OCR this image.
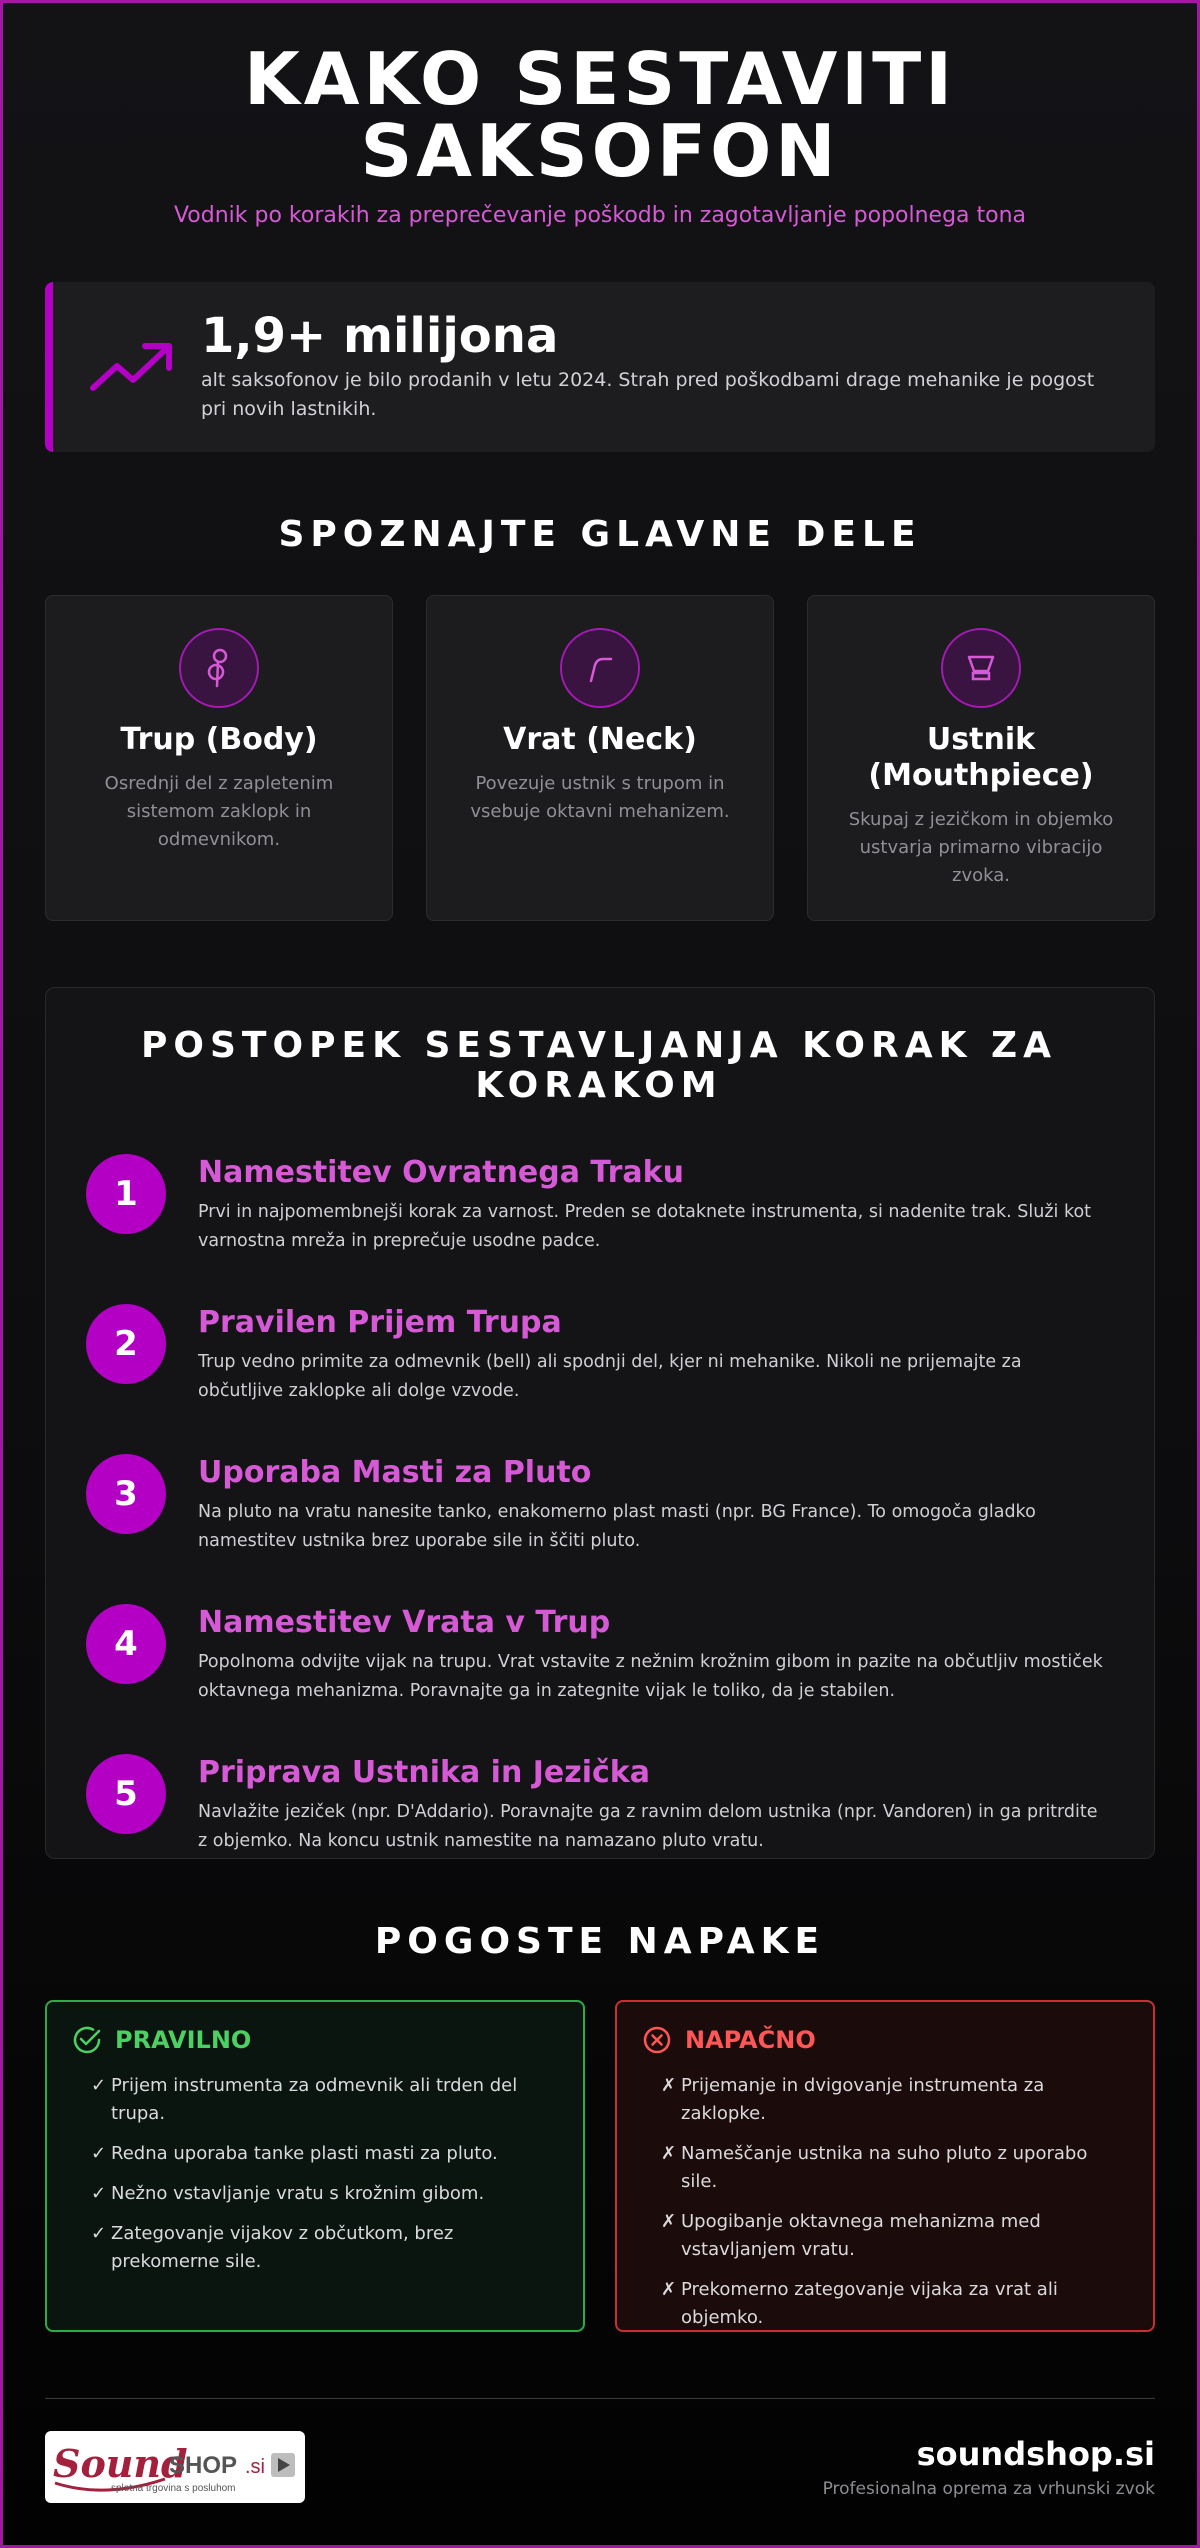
KAKO SESTAVITI
SAKSOFON
Vodnik po korakih za preprečevanje poškodb in zagotavljanje popolnega tona
1,9+ milijona
alt saksofonov je bilo prodanih v letu 2024. Strah pred poškodbami drage mehanike je pogost pri novih lastnikih.
SPOZNAJTE GLAVNE DELE
Trup (Body)
Osrednji del z zapletenim sistemom zaklopk in odmevnikom.
Vrat (Neck)
Povezuje ustnik s trupom in vsebuje oktavni mehanizem.
Ustnik (Mouthpiece)
Skupaj z jezičkom in objemko ustvarja primarno vibracijo zvoka.
POSTOPEK SESTAVLJANJA KORAK ZA
KORAKOM
1
Namestitev Ovratnega Traku
Prvi in najpomembnejši korak za varnost. Preden se dotaknete instrumenta, si nadenite trak. Služi kot varnostna mreža in preprečuje usodne padce.
2
Pravilen Prijem Trupa
Trup vedno primite za odmevnik (bell) ali spodnji del, kjer ni mehanike. Nikoli ne prijemajte za občutljive zaklopke ali dolge vzvode.
3
Uporaba Masti za Pluto
Na pluto na vratu nanesite tanko, enakomerno plast masti (npr. BG France). To omogoča gladko namestitev ustnika brez uporabe sile in ščiti pluto.
4
Namestitev Vrata v Trup
Popolnoma odvijte vijak na trupu. Vrat vstavite z nežnim krožnim gibom in pazite na občutljiv mostiček oktavnega mehanizma. Poravnajte ga in zategnite vijak le toliko, da je stabilen.
5
Priprava Ustnika in Jezička
Navlažite jeziček (npr. D'Addario). Poravnajte ga z ravnim delom ustnika (npr. Vandoren) in ga pritrdite z objemko. Na koncu ustnik namestite na namazano pluto vratu.
POGOSTE NAPAKE
PRAVILNO
✓ Prijem instrumenta za odmevnik ali trden del trupa.
✓ Redna uporaba tanke plasti masti za pluto.
✓ Nežno vstavljanje vratu s krožnim gibom.
✓ Zategovanje vijakov z občutkom, brez prekomerne sile.
NAPAČNO
✗ Prijemanje in dvigovanje instrumenta za zaklopke.
✗ Nameščanje ustnika na suho pluto z uporabo sile.
✗ Upogibanje oktavnega mehanizma med vstavljanjem vratu.
✗ Prekomerno zategovanje vijaka za vrat ali objemko.
Sound
SHOP .si
spletna trgovina s posluhom
soundshop.si
Profesionalna oprema za vrhunski zvok
